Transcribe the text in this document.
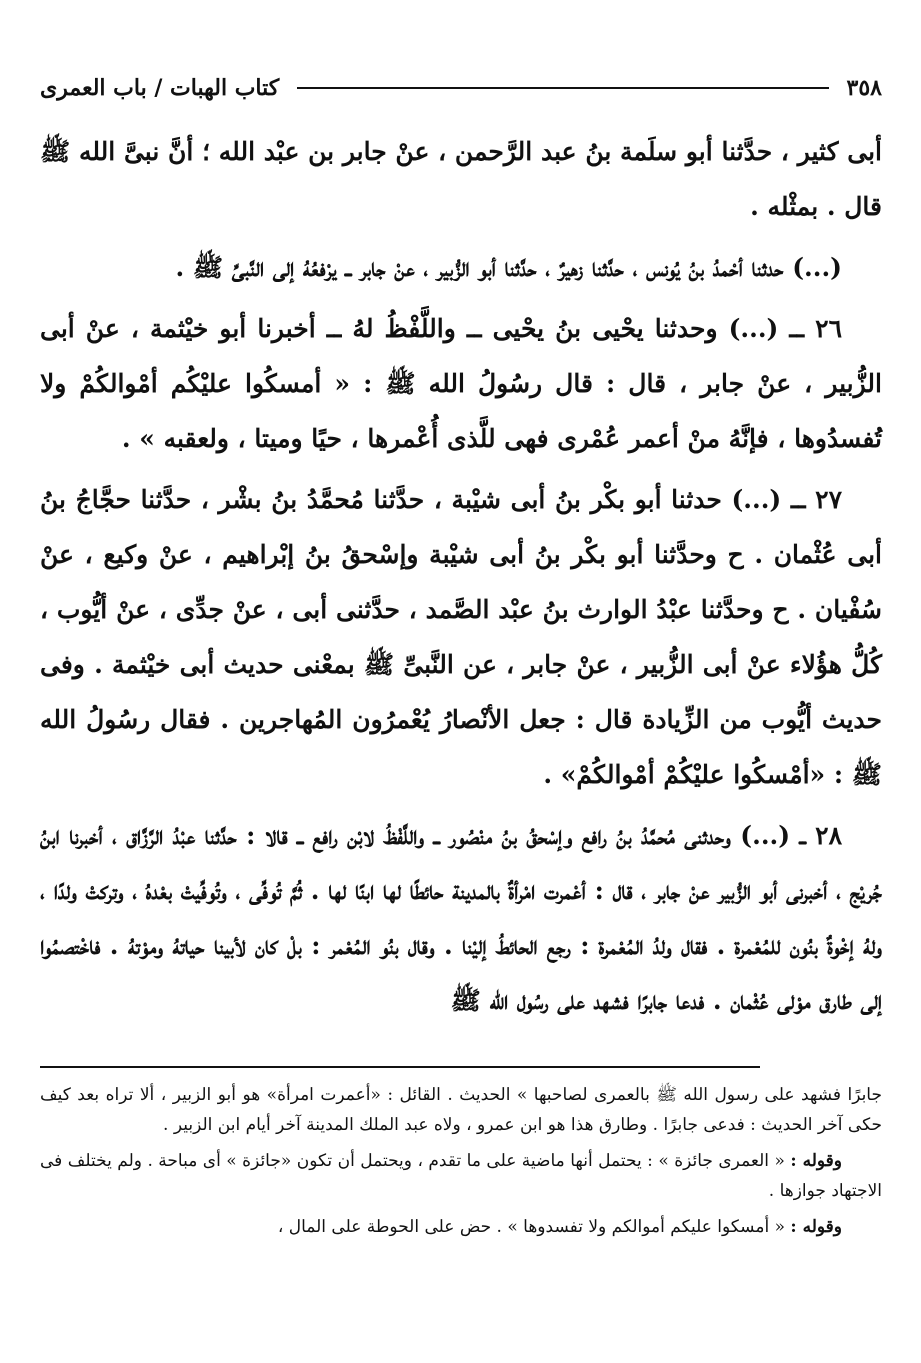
٣٥٨
كتاب الهبات / باب العمرى

أبى كثير ، حدَّثنا أبو سلَمة بنُ عبد الرَّحمن ، عنْ جابر بن عبْد الله ؛ أنَّ نبىَّ الله ﷺ قال . بمثْله .

(...) حدثنا أحْمدُ بنُ يُونس ، حدَّثنا زهيرٌ ، حدَّثنا أبو الزُّبير ، عنْ جابر ــ يرْفعُهُ إلى النَّبىِّ ﷺ .

٢٦ ــ (...) وحدثنا يحْيى بنُ يحْيى ــ واللَّفْظُ لهُ ــ أخبرنا أبو خيْثمة ، عنْ أبى الزُّبير ، عنْ جابر ، قال : قال رسُولُ الله ﷺ : « أمسكُوا عليْكُم أمْوالكُمْ ولا تُفسدُوها ، فإنَّهُ منْ أعمر عُمْرى فهى للَّذى أُعْمرها ، حيًا وميتا ، ولعقبه » .

٢٧ ــ (...) حدثنا أبو بكْر بنُ أبى شيْبة ، حدَّثنا مُحمَّدُ بنُ بشْر ، حدَّثنا حجَّاجُ بنُ أبى عُثْمان . ح وحدَّثنا أبو بكْر بنُ أبى شيْبة وإسْحقُ بنُ إبْراهيم ، عنْ وكيع ، عنْ سُفْيان . ح وحدَّثنا عبْدُ الوارث بنُ عبْد الصَّمد ، حدَّثنى أبى ، عنْ جدِّى ، عنْ أيُّوب ، كُلُّ هؤُلاء عنْ أبى الزُّبير ، عنْ جابر ، عن النَّبىِّ ﷺ بمعْنى حديث أبى خيْثمة . وفى حديث أيُّوب من الزِّيادة قال : جعل الأنْصارُ يُعْمرُون المُهاجرين . فقال رسُولُ الله ﷺ : «أمْسكُوا عليْكُمْ أمْوالكُمْ» .

٢٨ ــ (...) وحدثنى مُحمَّدُ بنُ رافع وإسْحقُ بنُ منْصُور ــ واللَّفْظُ لابْن رافع ــ قالا : حدَّثنا عبْدُ الرَّزَّاق ، أخبرنا ابنُ جُريْج ، أخبرنى أبو الزُّبير عنْ جابر ، قال : أعْمرت امْرأةٌ بالمدينة حائطًا لها ابنًا لها . ثُمَّ تُوفِّى ، وتُوفِّيتْ بعْدهُ ، وتركتْ ولدًا ، ولهُ إخْوةٌ بنُون للمُعْمرة . فقال ولدُ المُعْمرة : رجع الحائطُ إليْنا . وقال بنُو المُعْمر : بلْ كان لأبينا حياتهُ وموْتهُ . فاخْتصمُوا إلى طارق موْلى عُثْمان . فدعا جابرًا فشهد على رسُول الله ﷺ

جابرًا فشهد على رسول الله ﷺ بالعمرى لصاحبها » الحديث . القائل : «أعمرت امرأة» هو أبو الزبير ، ألا تراه بعد كيف حكى آخر الحديث : فدعى جابرًا . وطارق هذا هو ابن عمرو ، ولاه عبد الملك المدينة آخر أيام ابن الزبير .

وقوله : « العمرى جائزة » : يحتمل أنها ماضية على ما تقدم ، ويحتمل أن تكون «جائزة » أى مباحة . ولم يختلف فى الاجتهاد جوازها .

وقوله : « أمسكوا عليكم أموالكم ولا تفسدوها » . حض على الحوطة على المال ،
